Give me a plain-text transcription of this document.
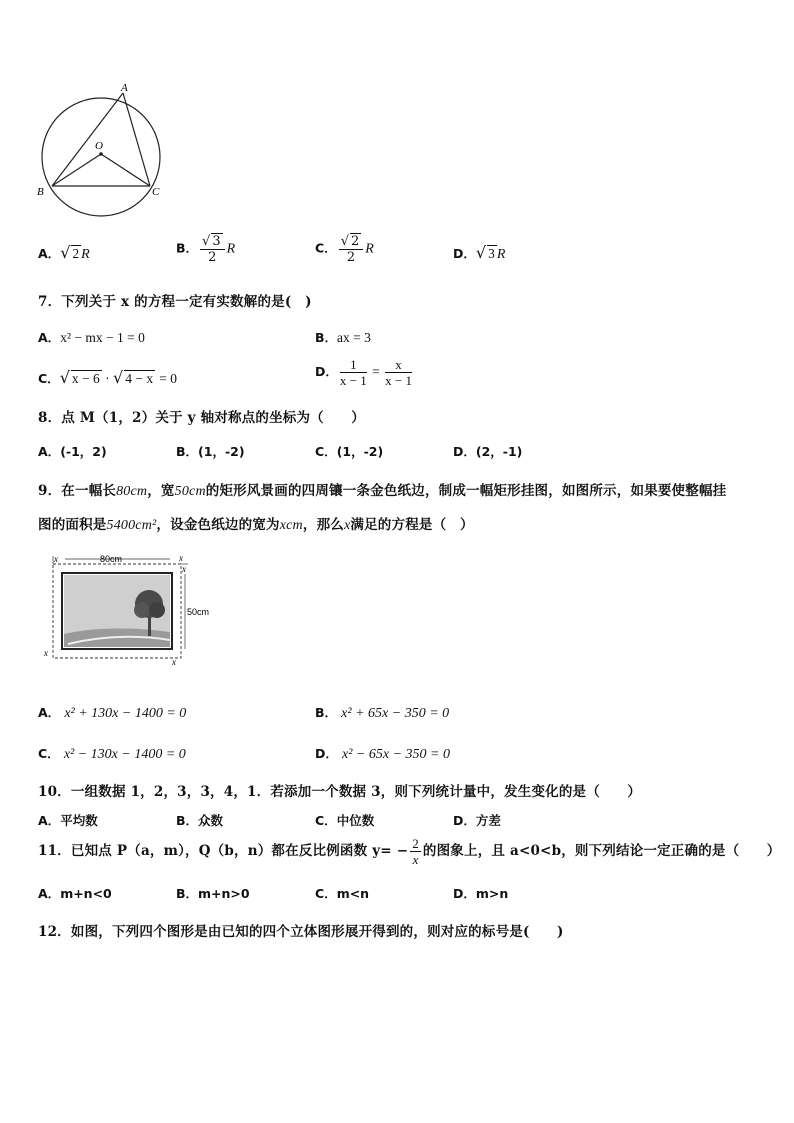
A
O
B	C
A．√ 2 R	B． $\frac{√ 3}{2}$ R	C． $\frac{√ 2}{2}$ R	D．√ 3 R
7．下列关于 x 的方程一定有实数解的是(　)
A．x² − mx − 1 = 0	B．ax = 3
C．√ x − 6 · √ 4 − x = 0	D． $\frac{1}{x - 1} = \frac{x}{x - 1}$
8．点 M（1，2）关于 y 轴对称点的坐标为（　　）
A．(-1，2)	B．(1，-2)	C．(1，-2)	D．(2，-1)
9．在一幅长80cm，宽50cm的矩形风景画的四周镶一条金色纸边，制成一幅矩形挂图，如图所示，如果要使整幅挂
图的面积是5400cm²，设金色纸边的宽为xcm，那么x满足的方程是（　）
80cm
50cm
x	x
x
x
x
A． x² + 130x − 1400 = 0	B． x² + 65x − 350 = 0
C． x² − 130x − 1400 = 0	D． x² − 65x − 350 = 0
10．一组数据 1，2，3，3，4，1．若添加一个数据 3，则下列统计量中，发生变化的是（　　）
A．平均数	B．众数	C．中位数	D．方差
11．已知点 P（a，m），Q（b，n）都在反比例函数 $y= - \frac{2}{x}$ 的图象上，且 a<0<b，则下列结论一定正确的是（　　）
A．m+n<0	B．m+n>0	C．m<n	D．m>n
12．如图，下列四个图形是由已知的四个立体图形展开得到的，则对应的标号是(　　)
